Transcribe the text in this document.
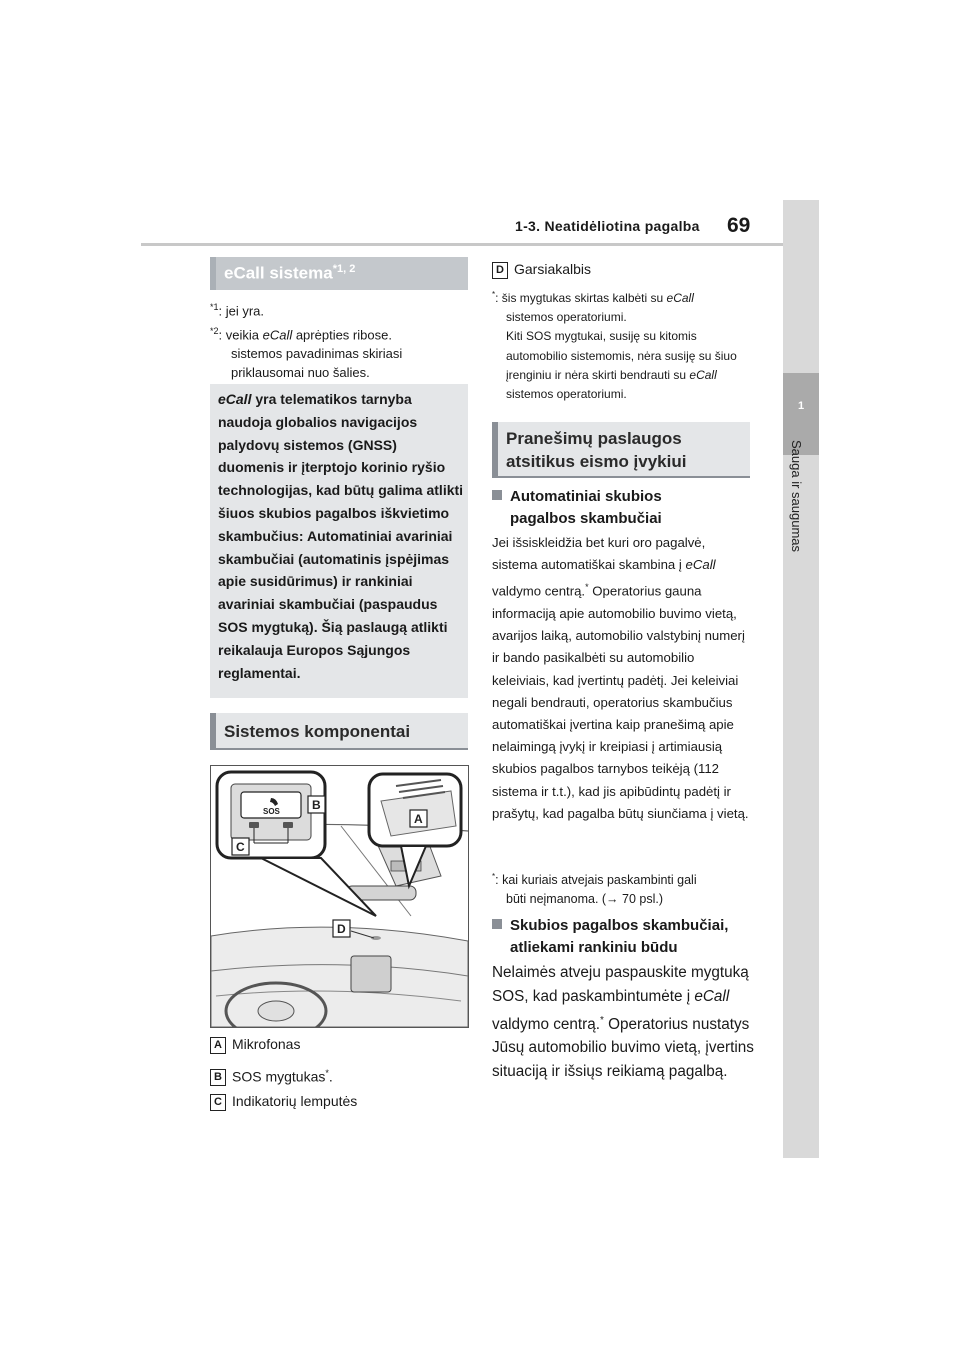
1-3. Neatidėliotina pagalba 69
1
Sauga ir saugumas
eCall sistema$^{*1, 2}$
$^{*1}$: jei yra.
$^{*2}$: veikia eCall aprėpties ribose.
sistemos pavadinimas skiriasi priklausomai nuo šalies.
eCall yra telematikos tarnyba naudoja globalios navigacijos palydovų sistemos (GNSS) duomenis ir įterptojo korinio ryšio technologijas, kad būtų galima atlikti šiuos skubios pagalbos iškvietimo skambučius: Automatiniai avariniai skambučiai (automatinis įspėjimas apie susidūrimus) ir rankiniai avariniai skambučiai (paspaudus SOS mygtuką). Šią paslaugą atlikti reikalauja Europos Sąjungos reglamentai.
Sistemos komponentai
SOS	B
C
A
D
A Mikrofonas
B SOS mygtukas*.
C Indikatorių lemputės
D Garsiakalbis
*: šis mygtukas skirtas kalbėti su eCall
sistemos operatoriumi.
Kiti SOS mygtukai, susiję su kitomis automobilio sistemomis, nėra susiję su šiuo įrenginiu ir nėra skirti bendrauti su eCall sistemos operatoriumi.
Pranešimų paslaugos atsitikus eismo įvykiui
Automatiniai skubios
pagalbos skambučiai
Jei išsiskleidžia bet kuri oro pagalvė, sistema automatiškai skambina į eCall valdymo centrą.* Operatorius gauna informaciją apie automobilio buvimo vietą, avarijos laiką, automobilio valstybinį numerį ir bando pasikalbėti su automobilio keleiviais, kad įvertintų padėtį. Jei keleiviai negali bendrauti, operatorius skambučius automatiškai įvertina kaip pranešimą apie nelaimingą įvykį ir kreipiasi į artimiausią skubios pagalbos tarnybos teikėją (112 sistema ir t.t.), kad jis apibūdintų padėtį ir prašytų, kad pagalba būtų siunčiama į vietą.
*: kai kuriais atvejais paskambinti gali
būti neįmanoma. (→ 70 psl.)
Skubios pagalbos skambučiai,
atliekami rankiniu būdu
Nelaimės atveju paspauskite mygtuką SOS, kad paskambintumėte į eCall valdymo centrą.* Operatorius nustatys Jūsų automobilio buvimo vietą, įvertins situaciją ir išsiųs reikiamą pagalbą.
